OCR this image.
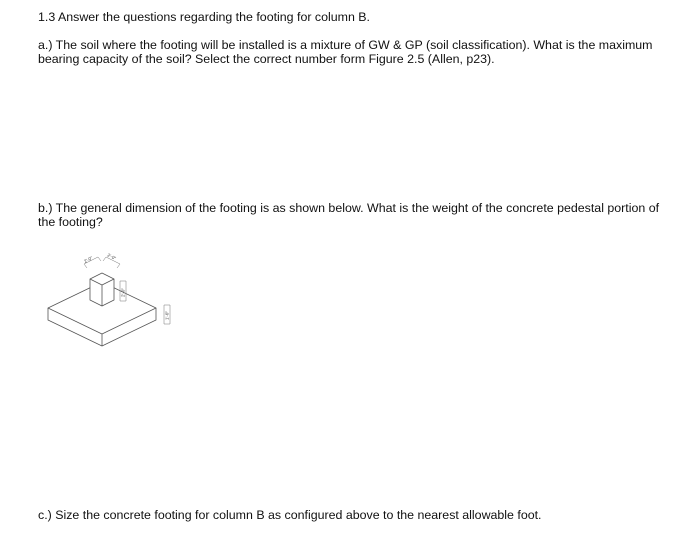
1.3 Answer the questions regarding the footing for column B.

a.) The soil where the footing will be installed is a mixture of GW & GP (soil classification). What is the maximum bearing capacity of the soil? Select the correct number form Figure 2.5 (Allen, p23).

b.) The general dimension of the footing is as shown below. What is the weight of the concrete pedestal portion of the footing?

2'-0"	2'-0"
2'-0"
1'-0"

c.) Size the concrete footing for column B as configured above to the nearest allowable foot.
